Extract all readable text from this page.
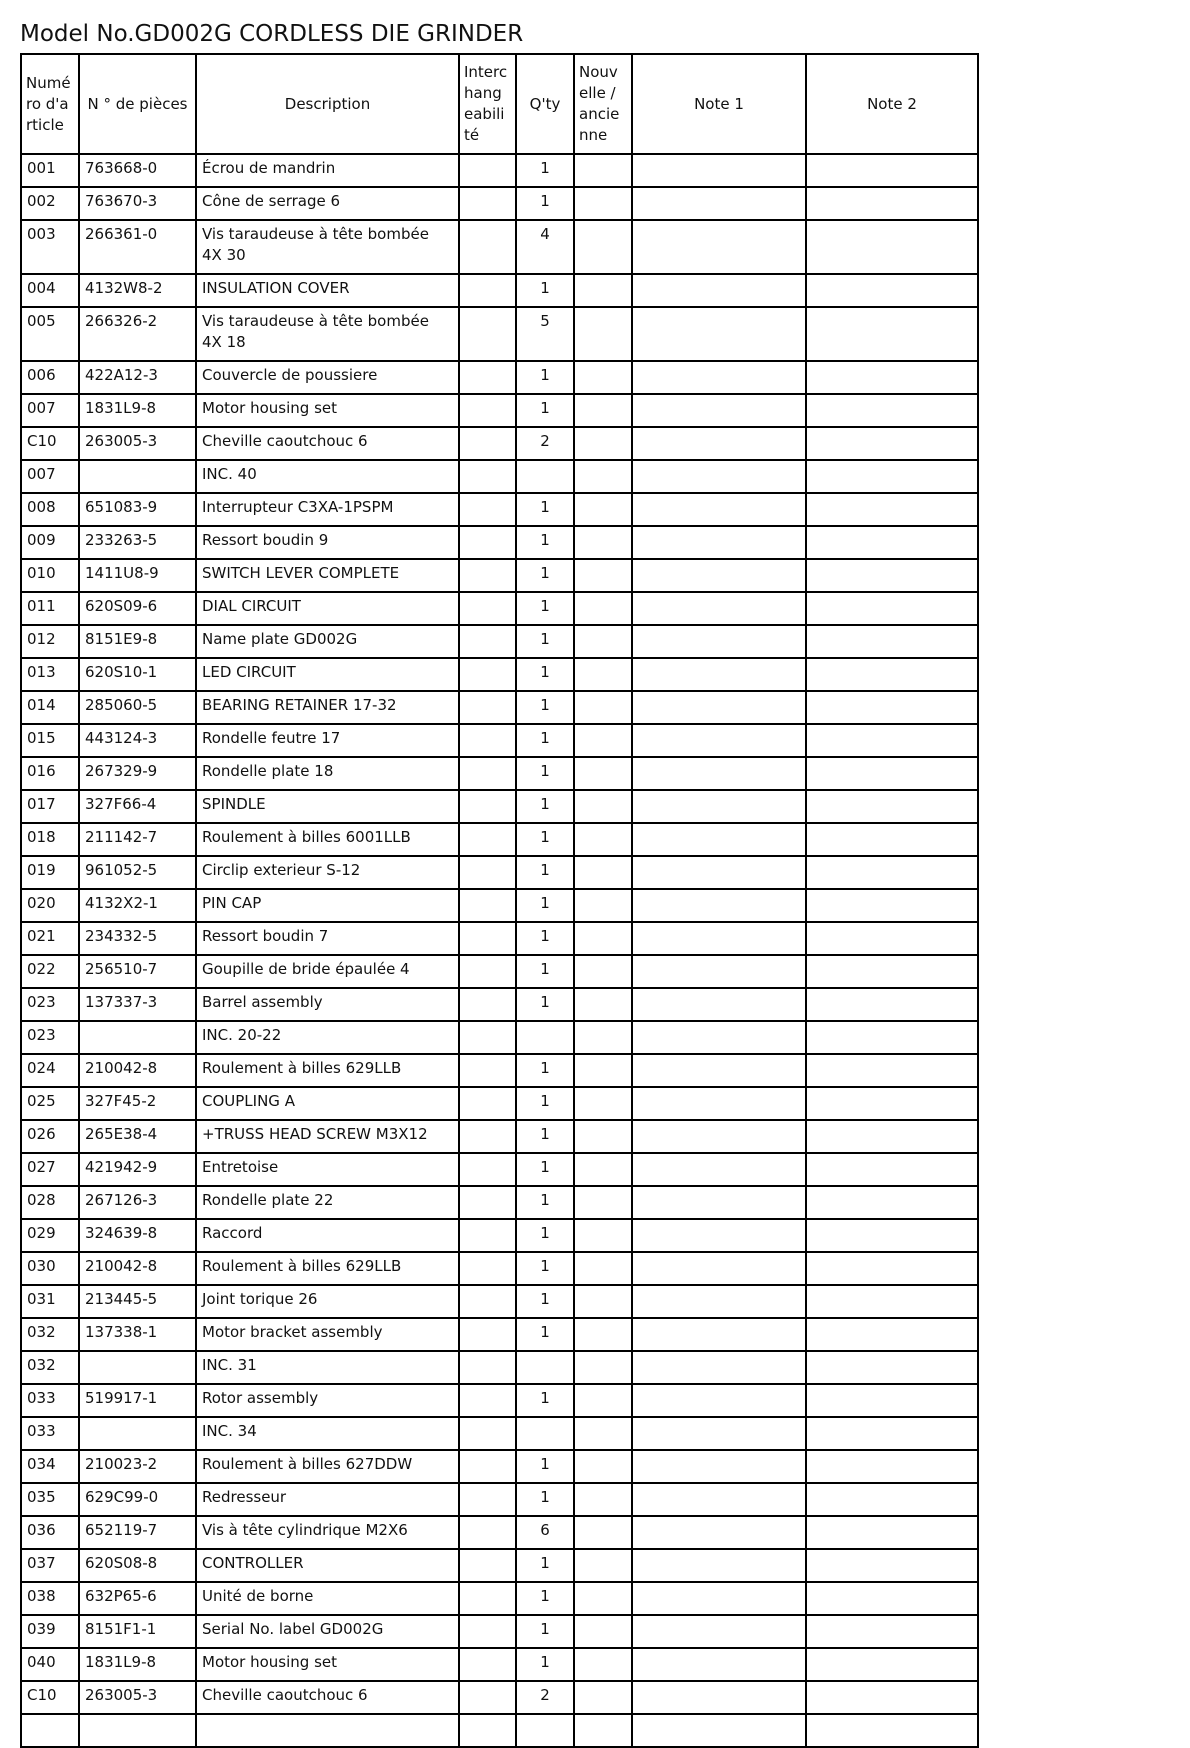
Model No.GD002G CORDLESS DIE GRINDER
Numéro d'article	N ° de pièces	Description	Interchangeabilité	Q'ty	Nouvelle / ancienne	Note 1	Note 2
001	763668-0	Écrou de mandrin		1			
002	763670-3	Cône de serrage 6		1			
003	266361-0	Vis taraudeuse à tête bombée 4X 30		4			
004	4132W8-2	INSULATION COVER		1			
005	266326-2	Vis taraudeuse à tête bombée 4X 18		5			
006	422A12-3	Couvercle de poussiere		1			
007	1831L9-8	Motor housing set		1			
C10	263005-3	Cheville caoutchouc 6		2			
007		INC. 40					
008	651083-9	Interrupteur C3XA-1PSPM		1			
009	233263-5	Ressort boudin 9		1			
010	1411U8-9	SWITCH LEVER COMPLETE		1			
011	620S09-6	DIAL CIRCUIT		1			
012	8151E9-8	Name plate GD002G		1			
013	620S10-1	LED CIRCUIT		1			
014	285060-5	BEARING RETAINER 17-32		1			
015	443124-3	Rondelle feutre 17		1			
016	267329-9	Rondelle plate 18		1			
017	327F66-4	SPINDLE		1			
018	211142-7	Roulement à billes 6001LLB		1			
019	961052-5	Circlip exterieur S-12		1			
020	4132X2-1	PIN CAP		1			
021	234332-5	Ressort boudin 7		1			
022	256510-7	Goupille de bride épaulée 4		1			
023	137337-3	Barrel assembly		1			
023		INC. 20-22					
024	210042-8	Roulement à billes 629LLB		1			
025	327F45-2	COUPLING A		1			
026	265E38-4	+TRUSS HEAD SCREW M3X12		1			
027	421942-9	Entretoise		1			
028	267126-3	Rondelle plate 22		1			
029	324639-8	Raccord		1			
030	210042-8	Roulement à billes 629LLB		1			
031	213445-5	Joint torique 26		1			
032	137338-1	Motor bracket assembly		1			
032		INC. 31					
033	519917-1	Rotor assembly		1			
033		INC. 34					
034	210023-2	Roulement à billes 627DDW		1			
035	629C99-0	Redresseur		1			
036	652119-7	Vis à tête cylindrique M2X6		6			
037	620S08-8	CONTROLLER		1			
038	632P65-6	Unité de borne		1			
039	8151F1-1	Serial No. label GD002G		1			
040	1831L9-8	Motor housing set		1			
C10	263005-3	Cheville caoutchouc 6		2			
